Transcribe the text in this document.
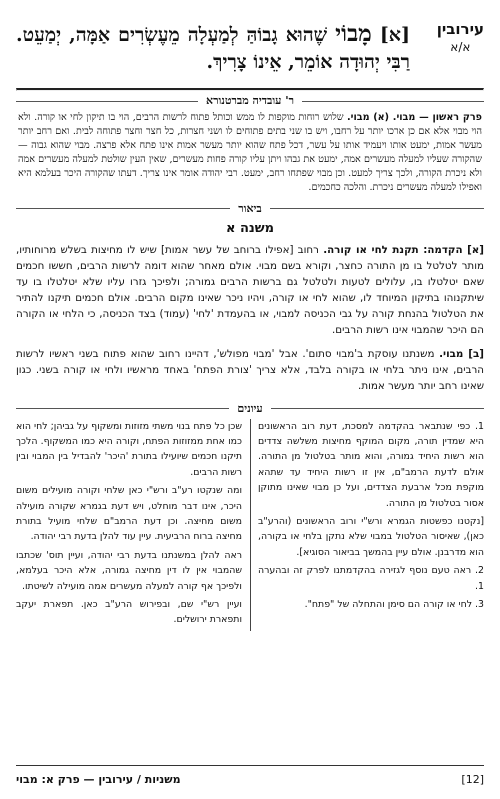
עירובין
א/א
[א] מָבוֹי שֶׁהוּא גָבוֹהַּ לְמַעְלָה מֵעֶשְׂרִים אַמָּה, יְמַעֵט. רַבִּי יְהוּדָה אוֹמֵר, אֵינוֹ צָרִיךְ.
ר' עובדיה מברטנורא
פרק ראשון — מבוי. (א) מבוי. שלוש רוחות מוקפות לו ממש וכותל פתוח לרשות הרבים, הוי בו תיקון לחי או קורה. ולא הוי מבוי אלא אם כן ארכו יותר על רחבו, ויש בו שני בתים פתוחים לו ושני חצרות, כל חצר וחצר פתוחה לבית. ואם רחב יותר מעשר אמות, ימעט אותו ויעמיד אותו על עשר, דכל פתח שהוא יותר מעשר אמות אינו פתח אלא פרצה. מבוי שהוא גבוה — שהקורה שעליו למעלה מעשרים אמה, ימעט את גבהו ויתן עליו קורה פחות מעשרים, שאין העין שולטת למעלה מעשרים אמה ולא ניכרת הקורה, ולכך צריך למעט. וכן מבוי שפתחו רחב, ימעט. רבי יהודה אומר אינו צריך. דעתו שהקורה היכר בעלמא היא ואפילו למעלה מעשרים ניכרת. והלכה כחכמים.
ביאור
משנה א

[א] הקדמה: תקנת לחי או קורה. רחוב [אפילו ברוחב של עשר אמות] שיש לו מחיצות בשלש מרוחותיו, מותר לטלטל בו מן התורה כחצר, וקורא בשם מבוי. אולם מאחר שהוא דומה לרשות הרבים, חששו חכמים שאם יטלטלו בו, עלולים לטעות ולטלטל גם ברשות הרבים גמורה; ולפיכך גזרו עליו שלא יטלטלו בו עד שיתקנוהו בתיקון המיוחד לו, שהוא לחי או קורה, ויהיו ניכר שאינו מקום הרבים. אולם חכמים תיקנו להתיר את הטלטול בהנחת קורה על גבי הכניסה למבוי, או בהעמדת 'לחי' (עמוד) בצד הכניסה, כי הלחי או הקורה הם היכר שהמבוי אינו רשות הרבים.

[ב] מבוי. משנתנו עוסקת ב'מבוי סתום'. אבל 'מבוי מפולש', דהיינו רחוב שהוא פתוח בשני ראשיו לרשות הרבים, אינו ניתר בלחי או בקורה בלבד, אלא צריך 'צורת הפתח' באחד מראשיו ולחי או קורה בשני. כגון שאינו רחב יותר מעשר אמות.

עיונים

1. כפי שנתבאר בהקדמה למסכת, דעת רוב הראשונים היא שמדין תורה, מקום המוקף מחיצות משלשה צדדים הוא רשות היחיד גמורה, והוא מותר בטלטול מן התורה. אולם לדעת הרמב"ם, אין זו רשות היחיד עד שתהא מוקפת מכל ארבעת הצדדים, ועל כן מבוי שאינו מתוקן אסור בטלטול מן התורה.

[נקטנו כפשטות הגמרא ורש"י ורוב הראשונים (והרע"ב כאן), שאיסור הטלטול במבוי שלא נתקן בלחי או בקורה, הוא מדרבנן. אולם עיין בהמשך בביאור הסוגיא].

2. ראה טעם נוסף לגזירה בהקדמתנו לפרק זה ובהערה 1.

3. לחי או קורה הם סימן והתחלה של "פתח".

שכן כל פתח בנוי משתי מזוזות ומשקוף על גביהן; לחי הוא כמו אחת ממזוזות הפתח, וקורה היא כמו המשקוף. הלכך תיקנו חכמים שיועילו בתורת 'היכר' להבדיל בין המבוי ובין רשות הרבים.

ומה שנקטו רע"ב ורש"י כאן שלחי וקורה מועילים משום היכר, אינו דבר מוחלט, ויש דעת בגמרא שקורה מועילה משום מחיצה. וכן דעת הרמב"ם שלחי מועיל בתורת מחיצה ברוח הרביעית. עיין עוד להלן בדעת רבי יהודה.

ראה להלן במשנתנו בדעת רבי יהודה, ועיין תוס' שכתבו שהמבוי אין לו דין מחיצה גמורה, אלא היכר בעלמא, ולפיכך אף קורה למעלה מעשרים אמה מועילה לשיטתו.

ועיין רש"י שם, ובפירוש הרע"ב כאן. תפארת יעקב ותפארת ירושלים.

[12]
משניות / עירובין — פרק א: מבוי
